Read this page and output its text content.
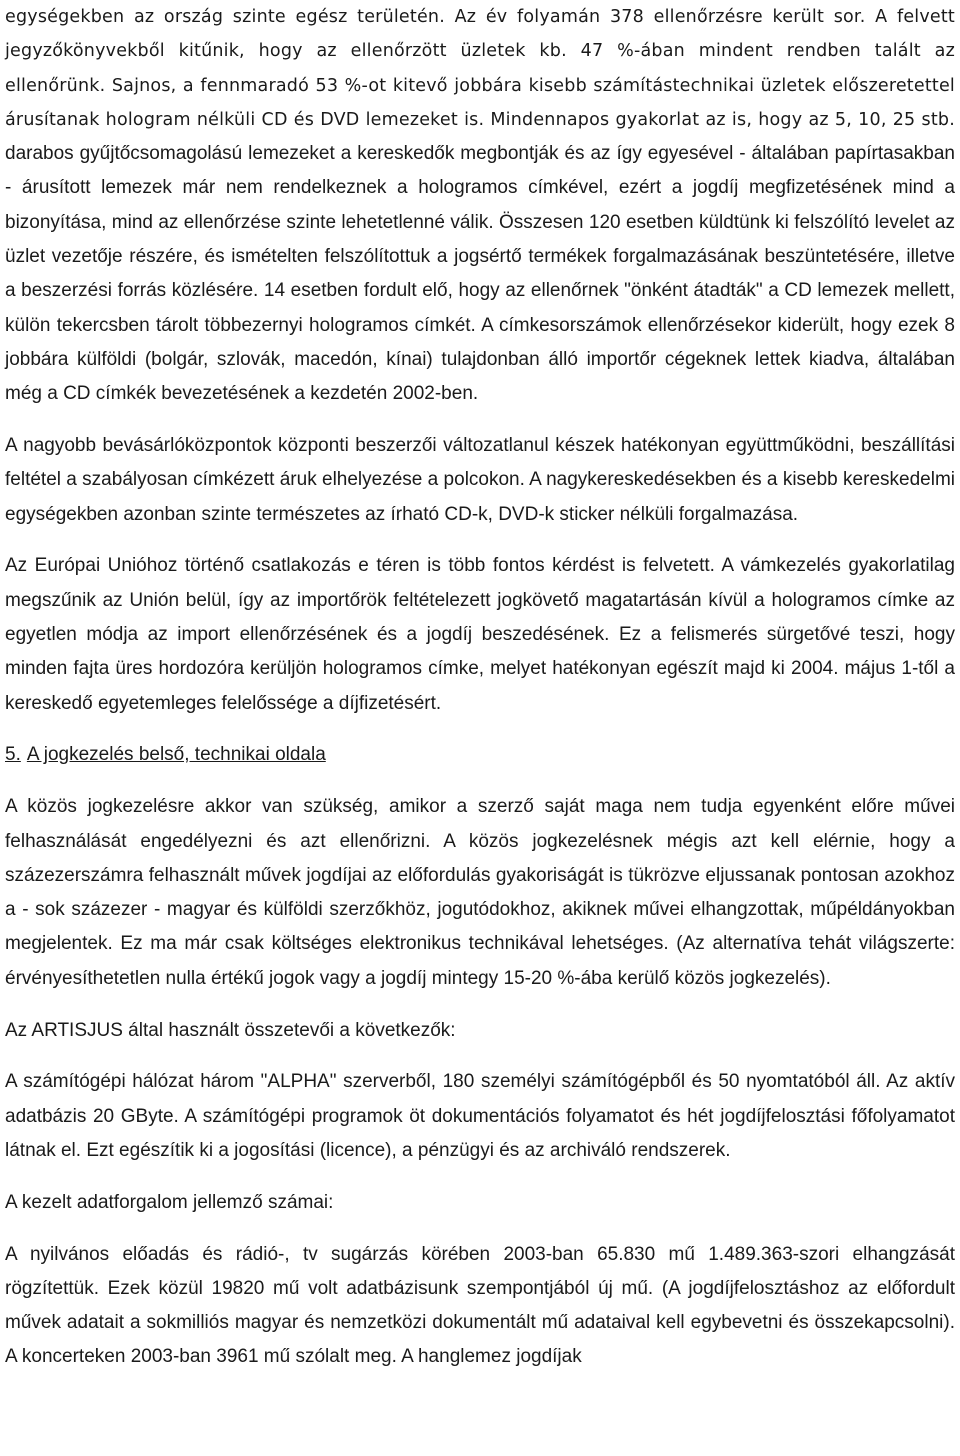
egységekben az ország szinte egész területén. Az év folyamán 378 ellenőrzésre került sor. A felvett jegyzőkönyvekből kitűnik, hogy az ellenőrzött üzletek kb. 47 %-ában mindent rendben talált az ellenőrünk. Sajnos, a fennmaradó 53 %-ot kitevő jobbára kisebb számítástechnikai üzletek előszeretettel árusítanak hologram nélküli CD és DVD lemezeket is. Mindennapos gyakorlat az is, hogy az 5, 10, 25 stb. darabos gyűjtőcsomagolású lemezeket a kereskedők megbontják és az így egyesével - általában papírtasakban - árusított lemezek már nem rendelkeznek a hologramos címkével, ezért a jogdíj megfizetésének mind a bizonyítása, mind az ellenőrzése szinte lehetetlenné válik. Összesen 120 esetben küldtünk ki felszólító levelet az üzlet vezetője részére, és ismételten felszólítottuk a jogsértő termékek forgalmazásának beszüntetésére, illetve a beszerzési forrás közlésére. 14 esetben fordult elő, hogy az ellenőrnek "önként átadták" a CD lemezek mellett, külön tekercsben tárolt többezernyi hologramos címkét. A címkesorszámok ellenőrzésekor kiderült, hogy ezek 8 jobbára külföldi (bolgár, szlovák, macedón, kínai) tulajdonban álló importőr cégeknek lettek kiadva, általában még a CD címkék bevezetésének a kezdetén 2002-ben.

A nagyobb bevásárlóközpontok központi beszerzői változatlanul készek hatékonyan együttműködni, beszállítási feltétel a szabályosan címkézett áruk elhelyezése a polcokon. A nagykereskedésekben és a kisebb kereskedelmi egységekben azonban szinte természetes az írható CD-k, DVD-k sticker nélküli forgalmazása.

Az Európai Unióhoz történő csatlakozás e téren is több fontos kérdést is felvetett. A vámkezelés gyakorlatilag megszűnik az Unión belül, így az importőrök feltételezett jogkövető magatartásán kívül a hologramos címke az egyetlen módja az import ellenőrzésének és a jogdíj beszedésének. Ez a felismerés sürgetővé teszi, hogy minden fajta üres hordozóra kerüljön hologramos címke, melyet hatékonyan egészít majd ki 2004. május 1-től a kereskedő egyetemleges felelőssége a díjfizetésért.

5. A jogkezelés belső, technikai oldala

A közös jogkezelésre akkor van szükség, amikor a szerző saját maga nem tudja egyenként előre művei felhasználását engedélyezni és azt ellenőrizni. A közös jogkezelésnek mégis azt kell elérnie, hogy a százezerszámra felhasznált művek jogdíjai az előfordulás gyakoriságát is tükrözve eljussanak pontosan azokhoz a - sok százezer - magyar és külföldi szerzőkhöz, jogutódokhoz, akiknek művei elhangzottak, műpéldányokban megjelentek. Ez ma már csak költséges elektronikus technikával lehetséges. (Az alternatíva tehát világszerte: érvényesíthetetlen nulla értékű jogok vagy a jogdíj mintegy 15-20 %-ába kerülő közös jogkezelés).

Az ARTISJUS által használt összetevői a következők:

A számítógépi hálózat három "ALPHA" szerverből, 180 személyi számítógépből és 50 nyomtatóból áll. Az aktív adatbázis 20 GByte. A számítógépi programok öt dokumentációs folyamatot és hét jogdíjfelosztási főfolyamatot látnak el. Ezt egészítik ki a jogosítási (licence), a pénzügyi és az archiváló rendszerek.

A kezelt adatforgalom jellemző számai:

A nyilvános előadás és rádió-, tv sugárzás körében 2003-ban 65.830 mű 1.489.363-szori elhangzását rögzítettük. Ezek közül 19820 mű volt adatbázisunk szempontjából új mű. (A jogdíjfelosztáshoz az előfordult művek adatait a sokmilliós magyar és nemzetközi dokumentált mű adataival kell egybevetni és összekapcsolni). A koncerteken 2003-ban 3961 mű szólalt meg. A hanglemez jogdíjak
